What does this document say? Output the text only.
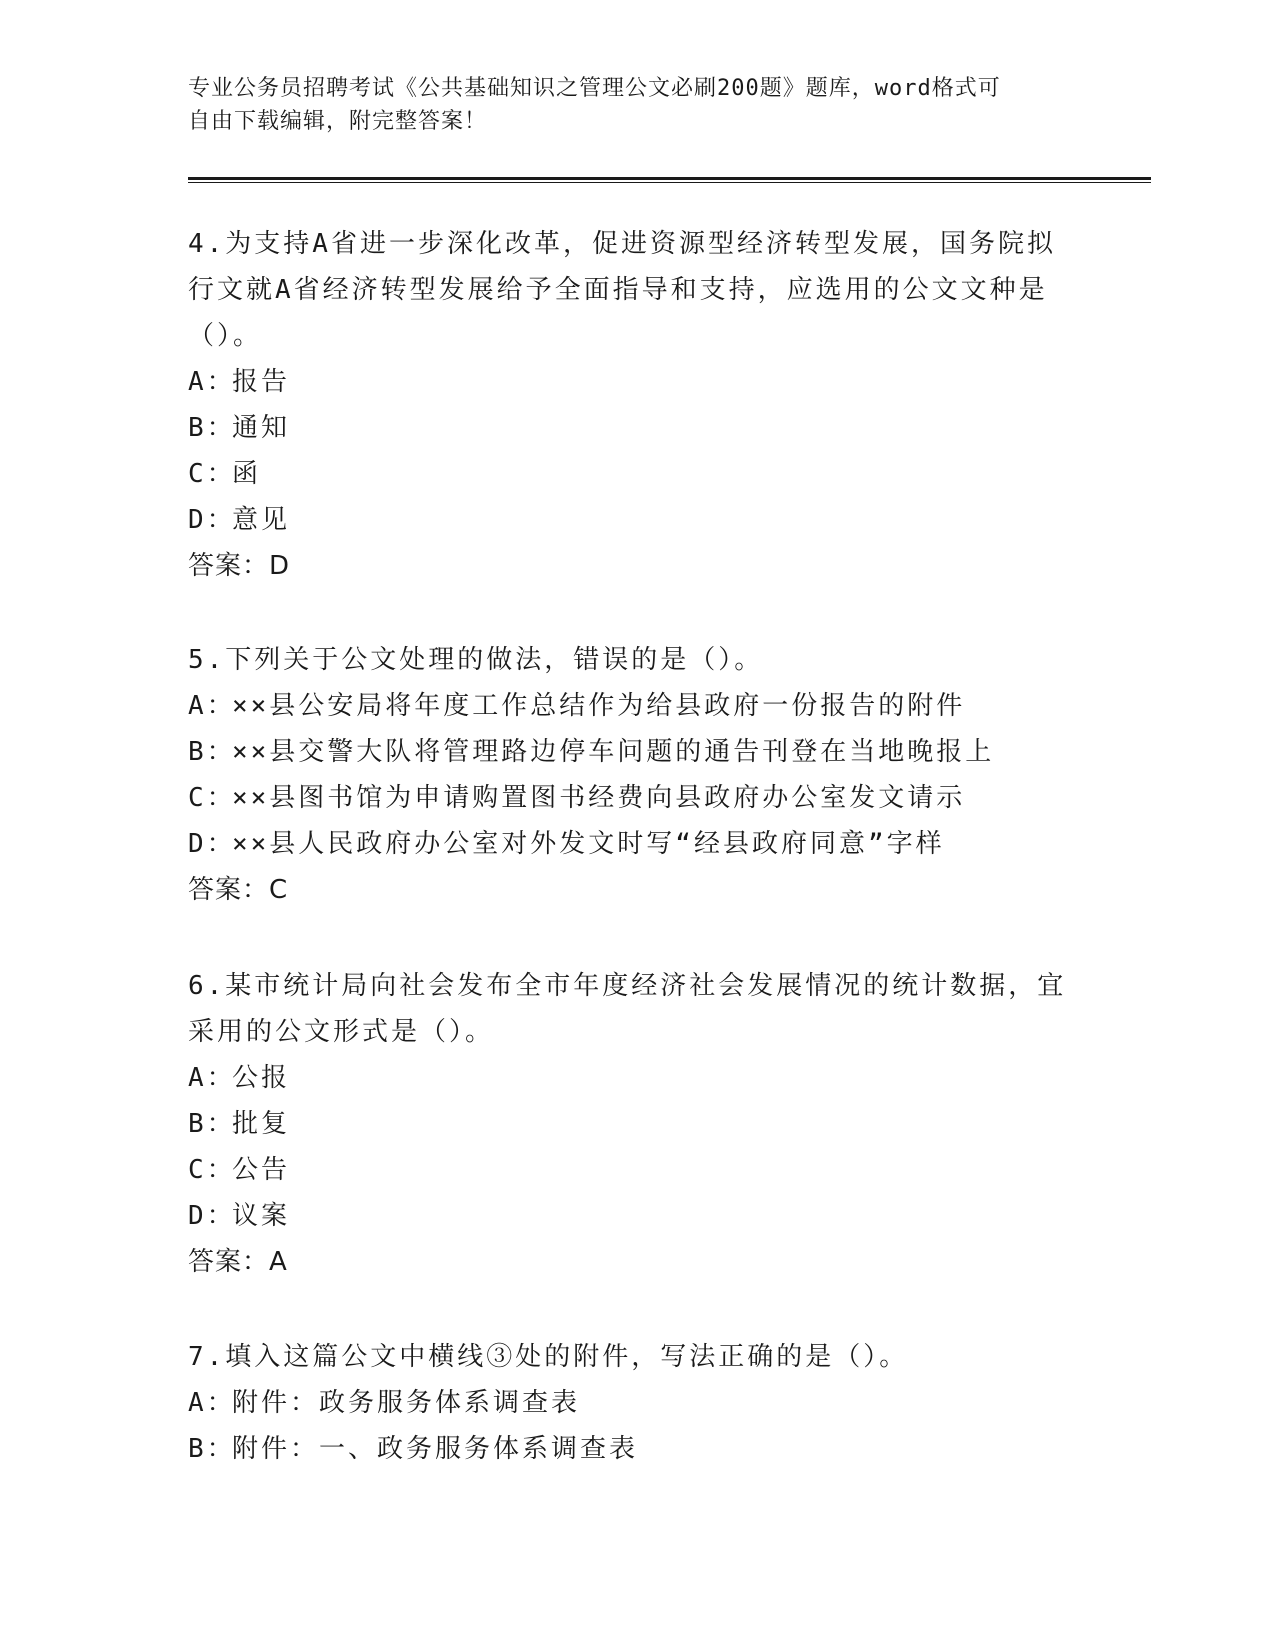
专业公务员招聘考试《公共基础知识之管理公文必刷200题》题库，word格式可
自由下载编辑，附完整答案！
4.为支持A省进一步深化改革，促进资源型经济转型发展，国务院拟
行文就A省经济转型发展给予全面指导和支持，应选用的公文文种是
（）。
A：报告
B：通知
C：函
D：意见
答案：D
5.下列关于公文处理的做法，错误的是（）。
A：××县公安局将年度工作总结作为给县政府一份报告的附件
B：××县交警大队将管理路边停车问题的通告刊登在当地晚报上
C：××县图书馆为申请购置图书经费向县政府办公室发文请示
D：××县人民政府办公室对外发文时写“经县政府同意”字样
答案：C
6.某市统计局向社会发布全市年度经济社会发展情况的统计数据，宜
采用的公文形式是（）。
A：公报
B：批复
C：公告
D：议案
答案：A
7.填入这篇公文中横线③处的附件，写法正确的是（）。
A：附件：政务服务体系调查表
B：附件：一、政务服务体系调查表
